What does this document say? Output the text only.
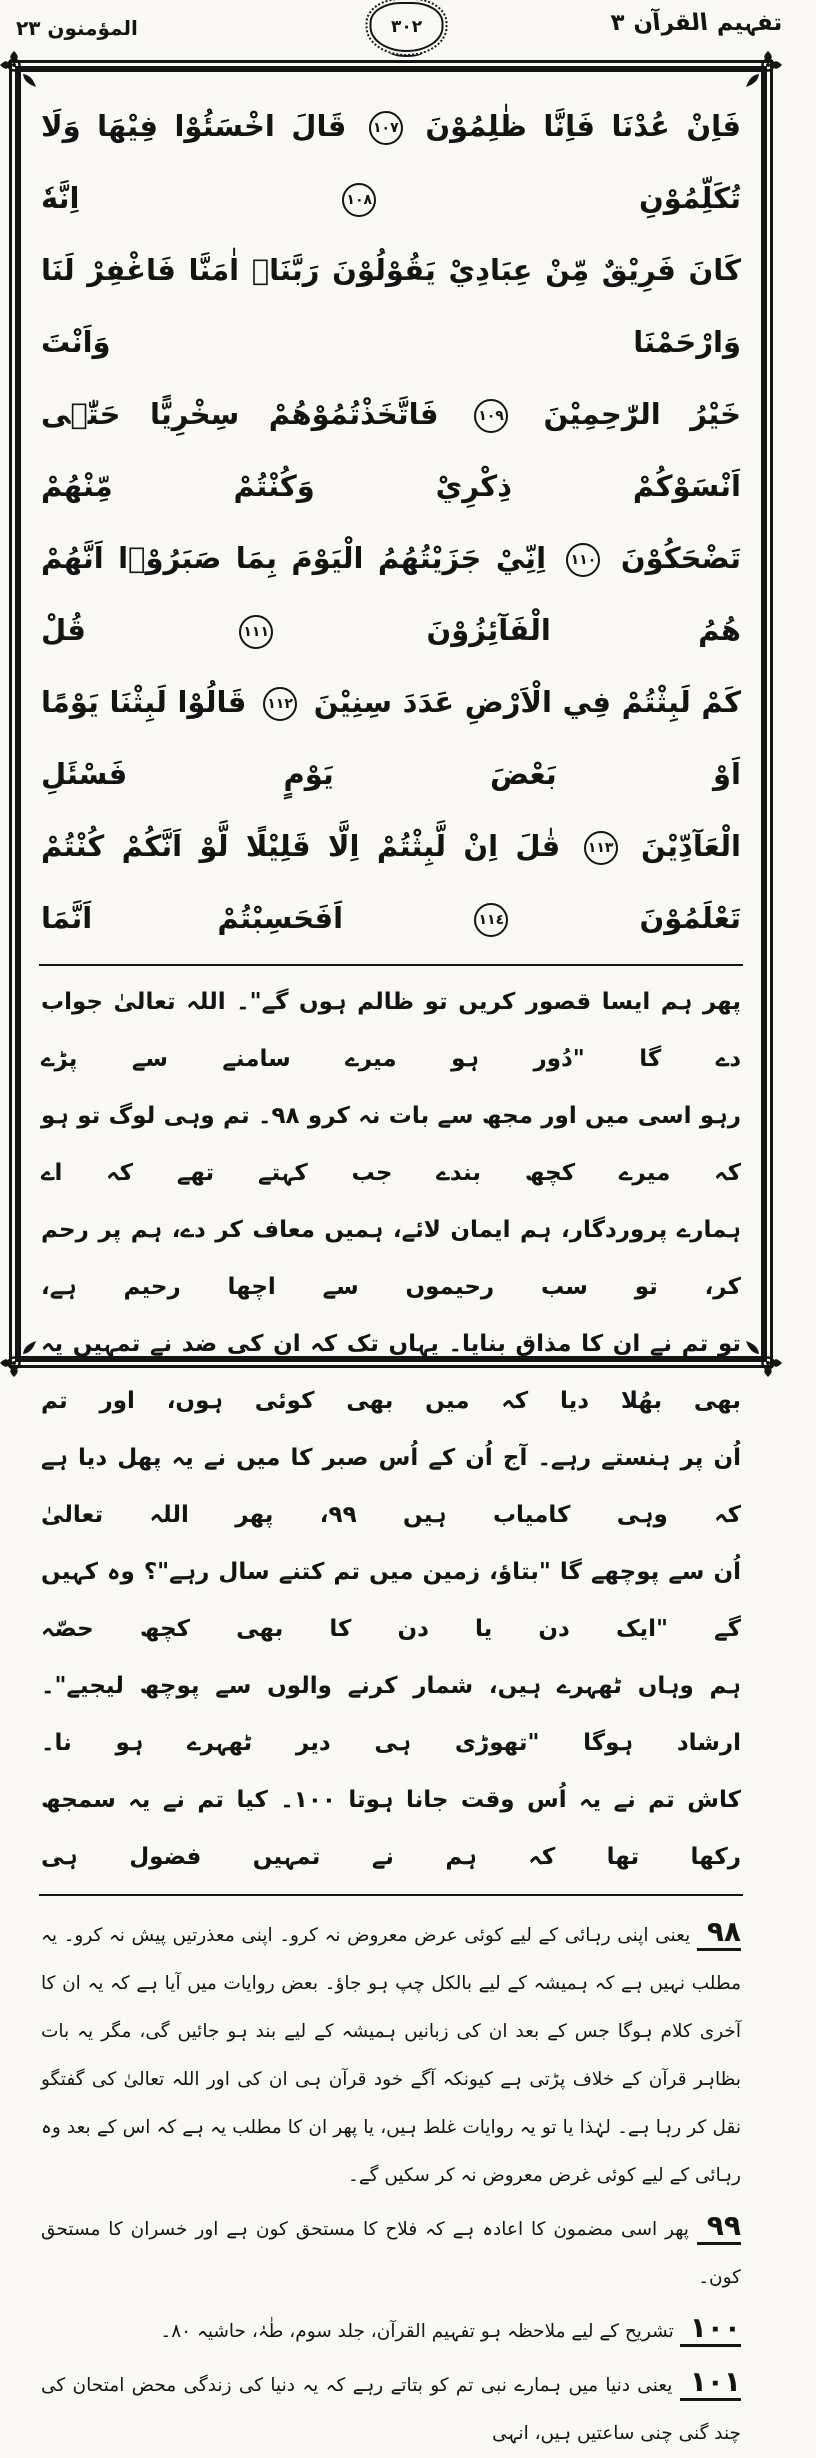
تفہیم القرآن ۳
۳۰۲
المؤمنون ۲۳
فَاِنْ عُدْنَا فَاِنَّا ظٰلِمُوْنَ ١٠٧ قَالَ اخْسَئُوْا فِيْهَا وَلَا تُكَلِّمُوْنِ ١٠٨ اِنَّهٗ
كَانَ فَرِيْقٌ مِّنْ عِبَادِيْ يَقُوْلُوْنَ رَبَّنَاۤ اٰمَنَّا فَاغْفِرْ لَنَا وَارْحَمْنَا وَاَنْتَ
خَيْرُ الرّٰحِمِيْنَ ١٠٩ فَاتَّخَذْتُمُوْهُمْ سِخْرِيًّا حَتّٰۤى اَنْسَوْكُمْ ذِكْرِيْ وَكُنْتُمْ مِّنْهُمْ
تَضْحَكُوْنَ ١١٠ اِنِّيْ جَزَيْتُهُمُ الْيَوْمَ بِمَا صَبَرُوْۤا اَنَّهُمْ هُمُ الْفَآئِزُوْنَ ١١١ قُلْ
كَمْ لَبِثْتُمْ فِي الْاَرْضِ عَدَدَ سِنِيْنَ ١١٢ قَالُوْا لَبِثْنَا يَوْمًا اَوْ بَعْضَ يَوْمٍ فَسْئَلِ
الْعَآدِّيْنَ ١١٣ قٰلَ اِنْ لَّبِثْتُمْ اِلَّا قَلِيْلًا لَّوْ اَنَّكُمْ كُنْتُمْ تَعْلَمُوْنَ ١١٤ اَفَحَسِبْتُمْ اَنَّمَا
پھر ہم ایسا قصور کریں تو ظالم ہوں گے"۔ اللہ تعالیٰ جواب دے گا "دُور ہو میرے سامنے سے پڑے
رہو اسی میں اور مجھ سے بات نہ کرو ۹۸۔ تم وہی لوگ تو ہو کہ میرے کچھ بندے جب کہتے تھے کہ اے
ہمارے پروردگار، ہم ایمان لائے، ہمیں معاف کر دے، ہم پر رحم کر، تو سب رحیموں سے اچھا رحیم ہے،
تو تم نے ان کا مذاق بنایا۔ یہاں تک کہ ان کی ضد نے تمہیں یہ بھی بھُلا دیا کہ میں بھی کوئی ہوں، اور تم
اُن پر ہنستے رہے۔ آج اُن کے اُس صبر کا میں نے یہ پھل دیا ہے کہ وہی کامیاب ہیں ۹۹، پھر اللہ تعالیٰ
اُن سے پوچھے گا "بتاؤ، زمین میں تم کتنے سال رہے"؟ وہ کہیں گے "ایک دن یا دن کا بھی کچھ حصّہ
ہم وہاں ٹھہرے ہیں، شمار کرنے والوں سے پوچھ لیجیے"۔ ارشاد ہوگا "تھوڑی ہی دیر ٹھہرے ہو نا۔
کاش تم نے یہ اُس وقت جانا ہوتا ۱۰۰۔ کیا تم نے یہ سمجھ رکھا تھا کہ ہم نے تمہیں فضول ہی
۹۸ یعنی اپنی رہائی کے لیے کوئی عرض معروض نہ کرو۔ اپنی معذرتیں پیش نہ کرو۔ یہ مطلب نہیں ہے کہ ہمیشہ کے لیے بالکل چپ ہو جاؤ۔ بعض روایات میں آیا ہے کہ یہ ان کا آخری کلام ہوگا جس کے بعد ان کی زبانیں ہمیشہ کے لیے بند ہو جائیں گی، مگر یہ بات بظاہر قرآن کے خلاف پڑتی ہے کیونکہ آگے خود قرآن ہی ان کی اور اللہ تعالیٰ کی گفتگو نقل کر رہا ہے۔ لہٰذا یا تو یہ روایات غلط ہیں، یا پھر ان کا مطلب یہ ہے کہ اس کے بعد وہ رہائی کے لیے کوئی غرض معروض نہ کر سکیں گے۔
۹۹ پھر اسی مضمون کا اعادہ ہے کہ فلاح کا مستحق کون ہے اور خسران کا مستحق کون۔
۱۰۰ تشریح کے لیے ملاحظہ ہو تفہیم القرآن، جلد سوم، طٰہٰ، حاشیہ ۸۰۔
۱۰۱ یعنی دنیا میں ہمارے نبی تم کو بتاتے رہے کہ یہ دنیا کی زندگی محض امتحان کی چند گنی چنی ساعتیں ہیں، انہی
